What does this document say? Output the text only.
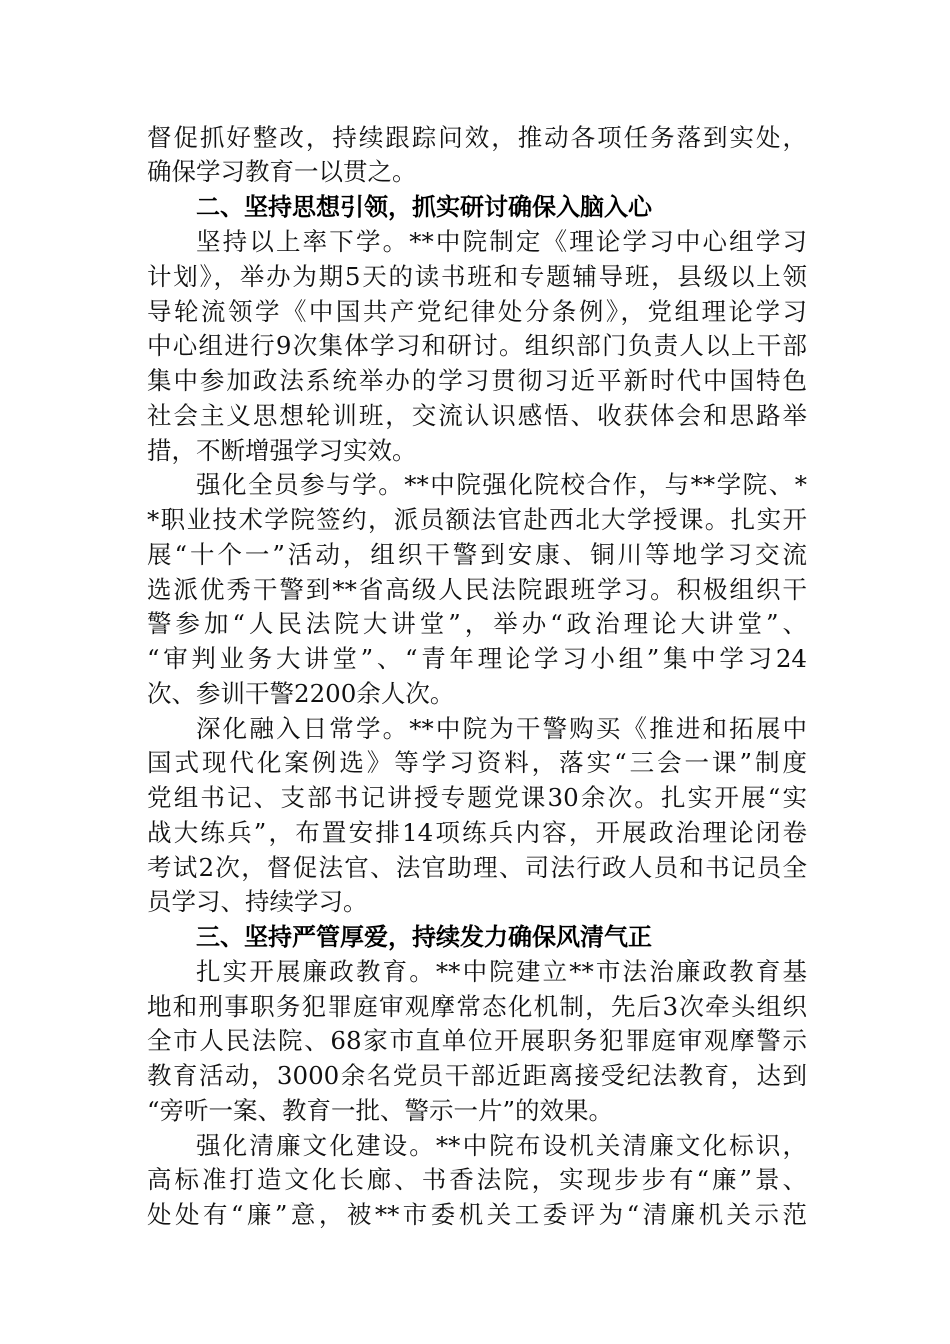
督促抓好整改，持续跟踪问效，推动各项任务落到实处，
确保学习教育一以贯之。
二、坚持思想引领，抓实研讨确保入脑入心
坚持以上率下学。**中院制定《理论学习中心组学习
计划》，举办为期5天的读书班和专题辅导班，县级以上领
导轮流领学《中国共产党纪律处分条例》，党组理论学习
中心组进行9次集体学习和研讨。组织部门负责人以上干部
集中参加政法系统举办的学习贯彻习近平新时代中国特色
社会主义思想轮训班，交流认识感悟、收获体会和思路举
措，不断增强学习实效。
强化全员参与学。**中院强化院校合作，与**学院、*
*职业技术学院签约，派员额法官赴西北大学授课。扎实开
展“十个一”活动，组织干警到安康、铜川等地学习交流
选派优秀干警到**省高级人民法院跟班学习。积极组织干
警参加“人民法院大讲堂”，举办“政治理论大讲堂”、
“审判业务大讲堂”、“青年理论学习小组”集中学习24
次、参训干警2200余人次。
深化融入日常学。**中院为干警购买《推进和拓展中
国式现代化案例选》等学习资料，落实“三会一课”制度
党组书记、支部书记讲授专题党课30余次。扎实开展“实
战大练兵”，布置安排14项练兵内容，开展政治理论闭卷
考试2次，督促法官、法官助理、司法行政人员和书记员全
员学习、持续学习。
三、坚持严管厚爱，持续发力确保风清气正
扎实开展廉政教育。**中院建立**市法治廉政教育基
地和刑事职务犯罪庭审观摩常态化机制，先后3次牵头组织
全市人民法院、68家市直单位开展职务犯罪庭审观摩警示
教育活动，3000余名党员干部近距离接受纪法教育，达到
“旁听一案、教育一批、警示一片”的效果。
强化清廉文化建设。**中院布设机关清廉文化标识，
高标准打造文化长廊、书香法院，实现步步有“廉”景、
处处有“廉”意，被**市委机关工委评为“清廉机关示范
